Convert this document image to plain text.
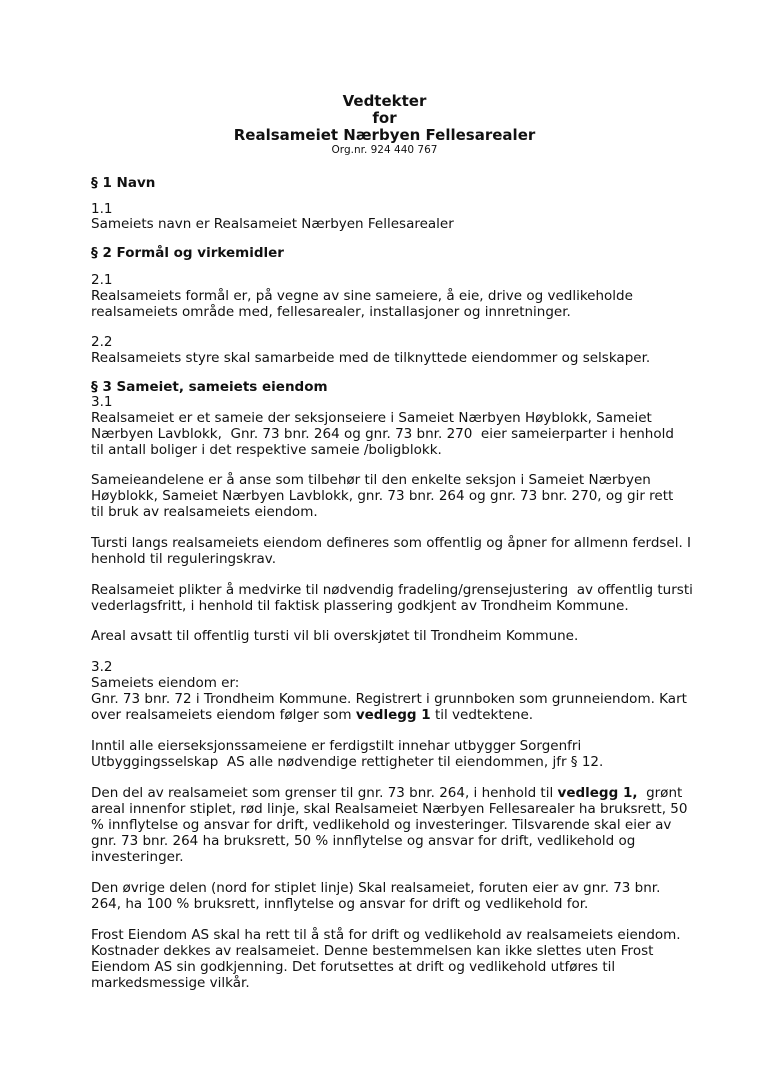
Vedtekter
for
Realsameiet Nærbyen Fellesarealer
Org.nr. 924 440 767
§ 1 Navn
1.1
Sameiets navn er Realsameiet Nærbyen Fellesarealer
§ 2 Formål og virkemidler
2.1
Realsameiets formål er, på vegne av sine sameiere, å eie, drive og vedlikeholde
realsameiets område med, fellesarealer, installasjoner og innretninger.
2.2
Realsameiets styre skal samarbeide med de tilknyttede eiendommer og selskaper.
§ 3 Sameiet, sameiets eiendom
3.1
Realsameiet er et sameie der seksjonseiere i Sameiet Nærbyen Høyblokk, Sameiet
Nærbyen Lavblokk,  Gnr. 73 bnr. 264 og gnr. 73 bnr. 270  eier sameierparter i henhold
til antall boliger i det respektive sameie /boligblokk.
Sameieandelene er å anse som tilbehør til den enkelte seksjon i Sameiet Nærbyen
Høyblokk, Sameiet Nærbyen Lavblokk, gnr. 73 bnr. 264 og gnr. 73 bnr. 270, og gir rett
til bruk av realsameiets eiendom.
Tursti langs realsameiets eiendom defineres som offentlig og åpner for allmenn ferdsel. I
henhold til reguleringskrav.
Realsameiet plikter å medvirke til nødvendig fradeling/grensejustering  av offentlig tursti
vederlagsfritt, i henhold til faktisk plassering godkjent av Trondheim Kommune.
Areal avsatt til offentlig tursti vil bli overskjøtet til Trondheim Kommune.
3.2
Sameiets eiendom er:
Gnr. 73 bnr. 72 i Trondheim Kommune. Registrert i grunnboken som grunneiendom. Kart
over realsameiets eiendom følger som vedlegg 1 til vedtektene.
Inntil alle eierseksjonssameiene er ferdigstilt innehar utbygger Sorgenfri
Utbyggingsselskap  AS alle nødvendige rettigheter til eiendommen, jfr § 12.
Den del av realsameiet som grenser til gnr. 73 bnr. 264, i henhold til vedlegg 1,  grønt
areal innenfor stiplet, rød linje, skal Realsameiet Nærbyen Fellesarealer ha bruksrett, 50
% innflytelse og ansvar for drift, vedlikehold og investeringer. Tilsvarende skal eier av
gnr. 73 bnr. 264 ha bruksrett, 50 % innflytelse og ansvar for drift, vedlikehold og
investeringer.
Den øvrige delen (nord for stiplet linje) Skal realsameiet, foruten eier av gnr. 73 bnr.
264, ha 100 % bruksrett, innflytelse og ansvar for drift og vedlikehold for.
Frost Eiendom AS skal ha rett til å stå for drift og vedlikehold av realsameiets eiendom.
Kostnader dekkes av realsameiet. Denne bestemmelsen kan ikke slettes uten Frost
Eiendom AS sin godkjenning. Det forutsettes at drift og vedlikehold utføres til
markedsmessige vilkår.
